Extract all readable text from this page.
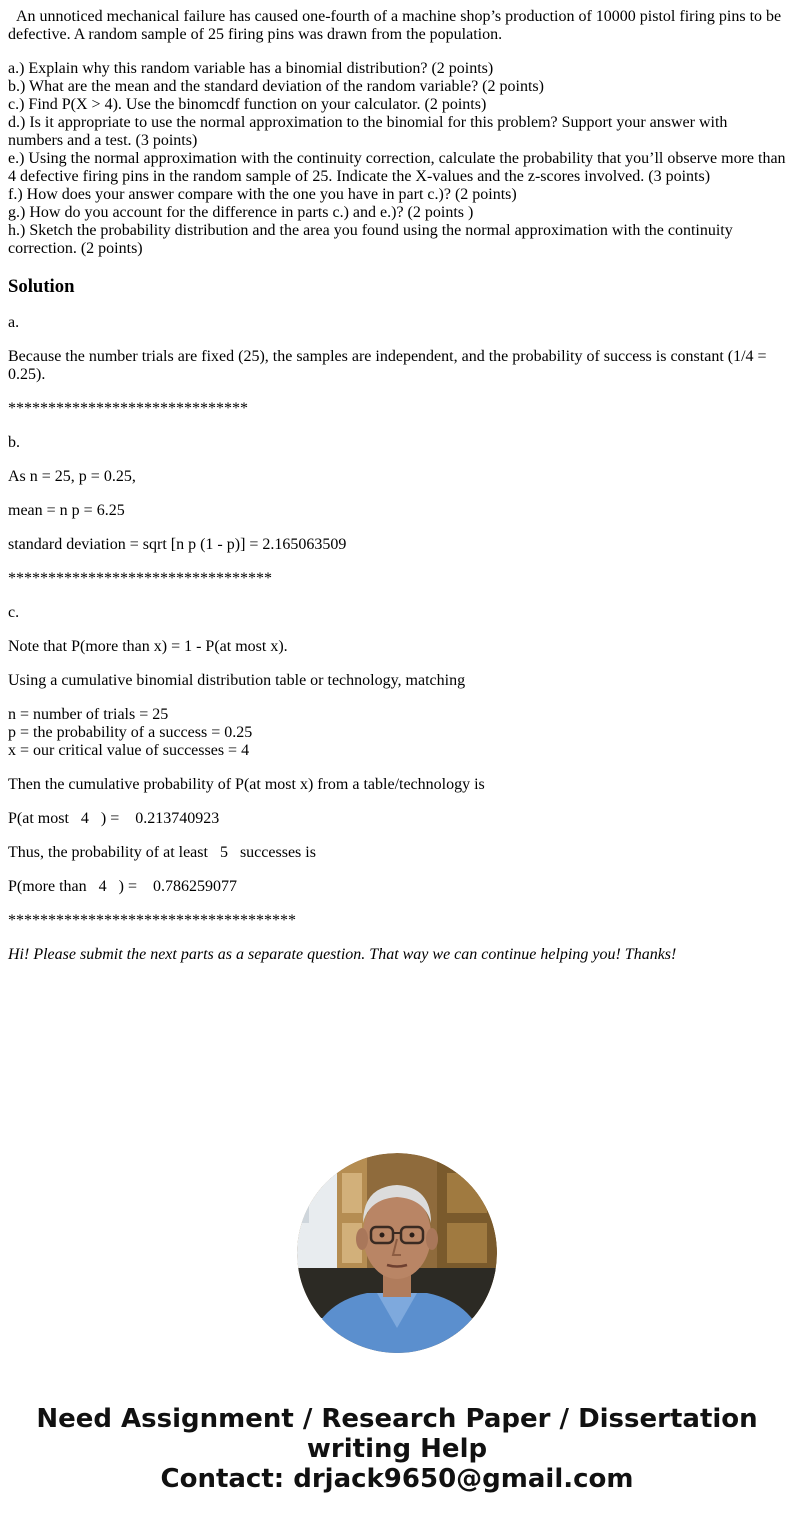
An unnoticed mechanical failure has caused one-fourth of a machine shop’s production of 10000 pistol firing pins to be defective. A random sample of 25 firing pins was drawn from the population.

a.) Explain why this random variable has a binomial distribution? (2 points)
b.) What are the mean and the standard deviation of the random variable? (2 points)
c.) Find P(X > 4). Use the binomcdf function on your calculator. (2 points)
d.) Is it appropriate to use the normal approximation to the binomial for this problem? Support your answer with numbers and a test. (3 points)
e.) Using the normal approximation with the continuity correction, calculate the probability that you’ll observe more than 4 defective firing pins in the random sample of 25. Indicate the X-values and the z-scores involved. (3 points)
f.) How does your answer compare with the one you have in part c.)? (2 points)
g.) How do you account for the difference in parts c.) and e.)? (2 points )
h.) Sketch the probability distribution and the area you found using the normal approximation with the continuity correction. (2 points)

Solution

a.

Because the number trials are fixed (25), the samples are independent, and the probability of success is constant (1/4 = 0.25).

******************************

b.

As n = 25, p = 0.25,

mean = n p = 6.25

standard deviation = sqrt [n p (1 - p)] = 2.165063509

*********************************

c.

Note that P(more than x) = 1 - P(at most x).

Using a cumulative binomial distribution table or technology, matching

n = number of trials = 25
p = the probability of a success = 0.25
x = our critical value of successes = 4

Then the cumulative probability of P(at most x) from a table/technology is

P(at most   4   ) =    0.213740923

Thus, the probability of at least   5   successes is

P(more than   4   ) =    0.786259077

************************************

Hi! Please submit the next parts as a separate question. That way we can continue helping you! Thanks!

Need Assignment / Research Paper / Dissertation
writing Help
Contact: drjack9650@gmail.com
